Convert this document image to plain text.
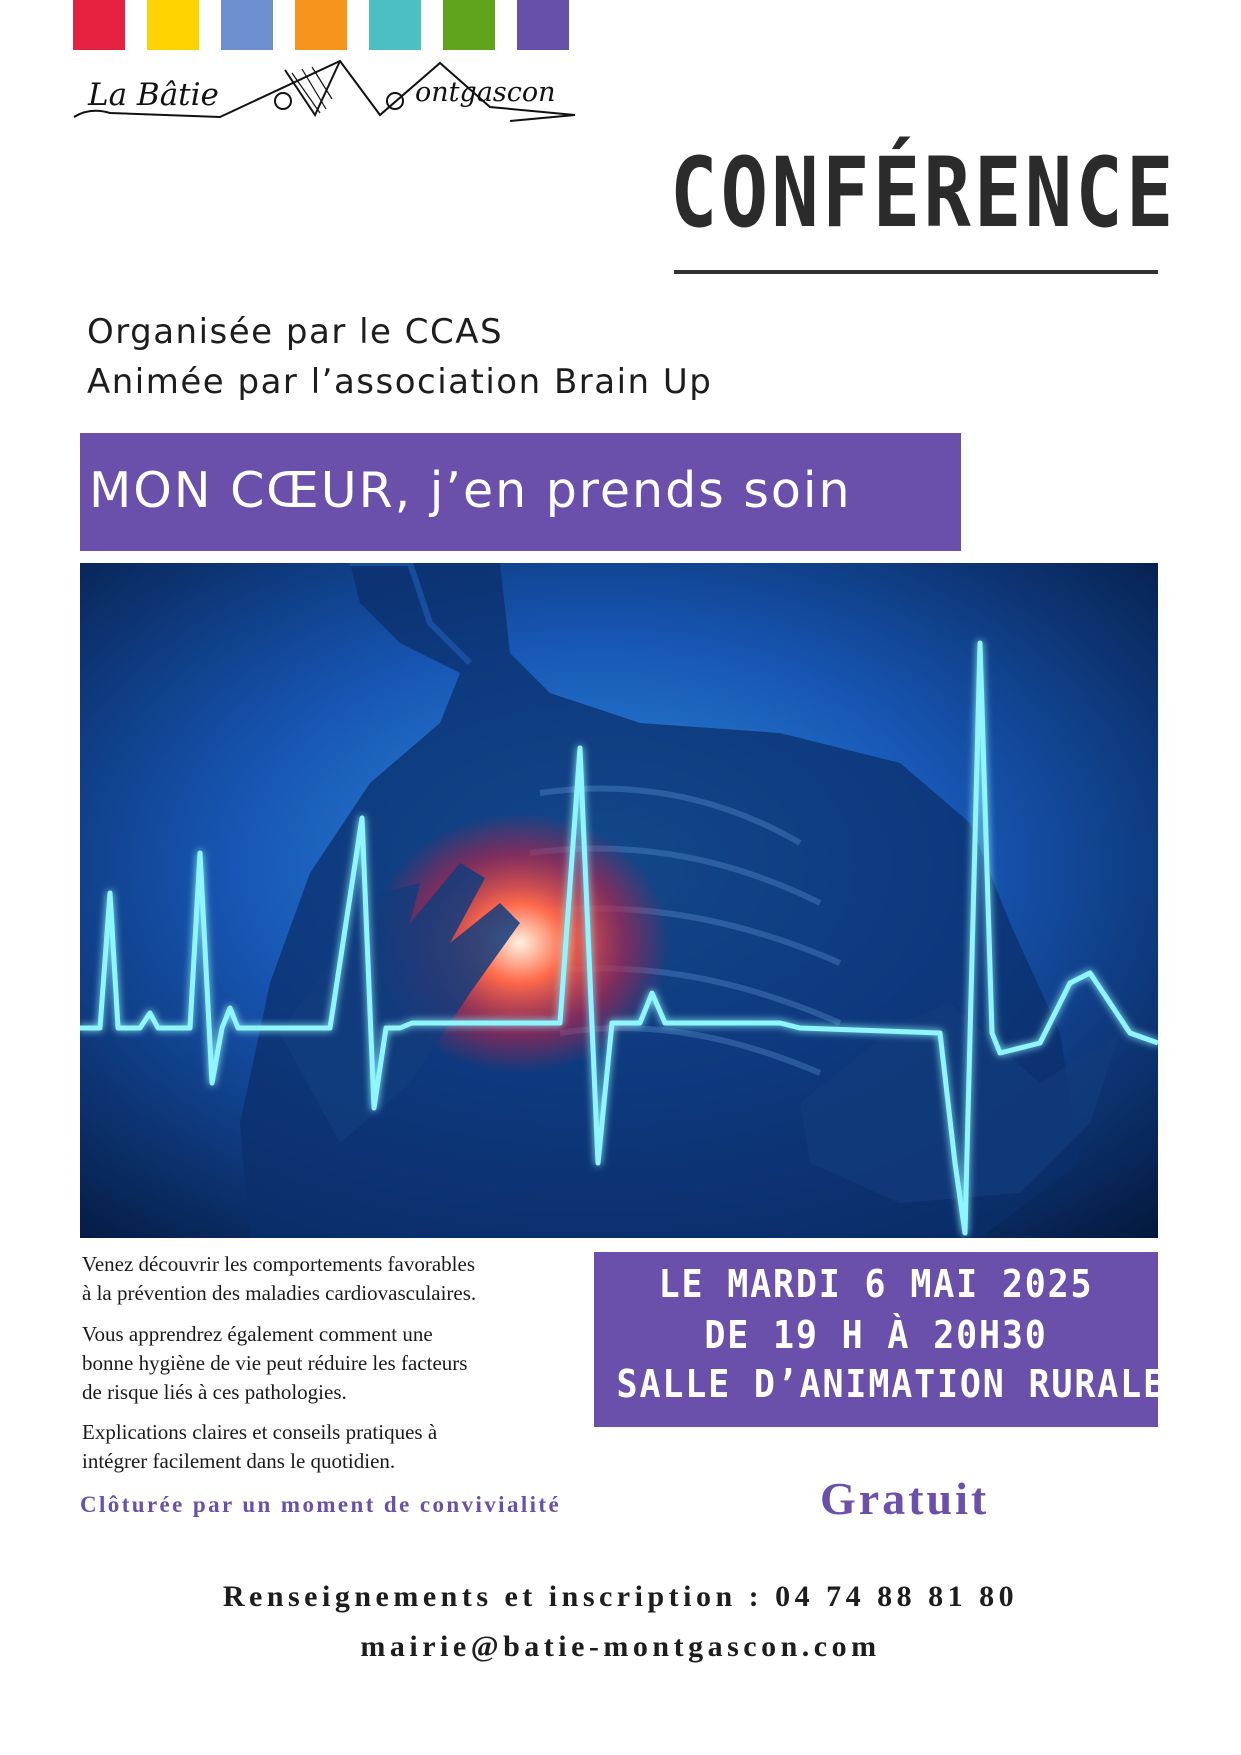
La Bâtie	ontgascon
CONFÉRENCE
Organisée par le CCAS
Animée par l’association Brain Up
MON CŒUR, j’en prends soin
Venez découvrir les comportements favorables
à la prévention des maladies cardiovasculaires.
Vous apprendrez également comment une
bonne hygiène de vie peut réduire les facteurs
de risque liés à ces pathologies.
Explications claires et conseils pratiques à
intégrer facilement dans le quotidien.
Clôturée par un moment de convivialité
LE MARDI 6 MAI 2025
DE 19 H À 20H30
SALLE D’ANIMATION RURALE
Gratuit
Renseignements et inscription : 04 74 88 81 80
mairie@batie-montgascon.com
